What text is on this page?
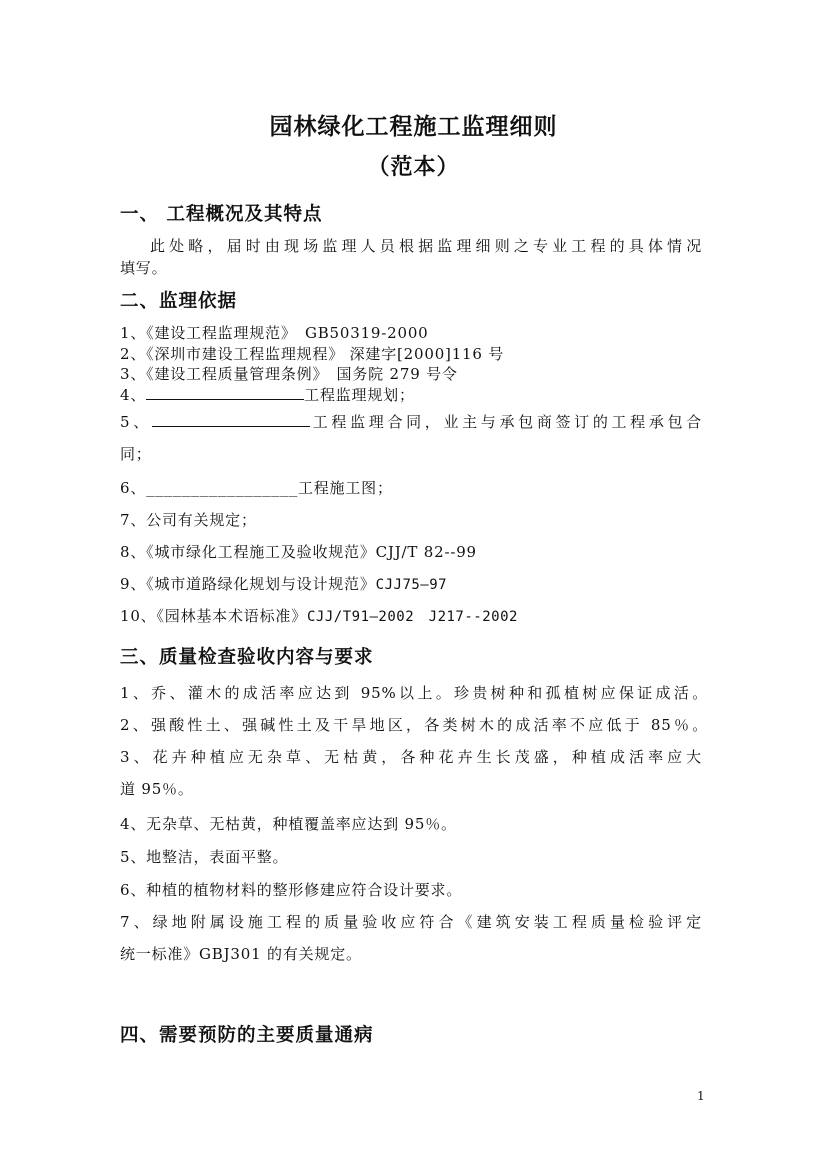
园林绿化工程施工监理细则
（范本）
一、 工程概况及其特点
此处略，届时由现场监理人员根据监理细则之专业工程的具体情况
填写。
二、监理依据
1、《建设工程监理规范》　GB50319-2000
2、《深圳市建设工程监理规程》 深建字[2000]116 号
3、《建设工程质量管理条例》　国务院 279 号令
4、	工程监理规划；
5、	工程监理合同，业主与承包商签订的工程承包合
同；
6、_________________工程施工图；
7、公司有关规定；
8、《城市绿化工程施工及验收规范》CJJ/T 82--99
9、《城市道路绿化规划与设计规范》CJJ75—97
10、《园林基本术语标准》CJJ/T91—2002　J217--2002
三、质量检查验收内容与要求
1、乔、灌木的成活率应达到 95%以上。珍贵树种和孤植树应保证成活。
2、强酸性土、强碱性土及干旱地区，各类树木的成活率不应低于 85％。
3、花卉种植应无杂草、无枯黄，各种花卉生长茂盛，种植成活率应大
道 95％。
4、无杂草、无枯黄，种植覆盖率应达到 95％。
5、地整洁，表面平整。
6、种植的植物材料的整形修建应符合设计要求。
7、绿地附属设施工程的质量验收应符合《建筑安装工程质量检验评定
统一标准》GBJ301 的有关规定。
四、需要预防的主要质量通病
1
